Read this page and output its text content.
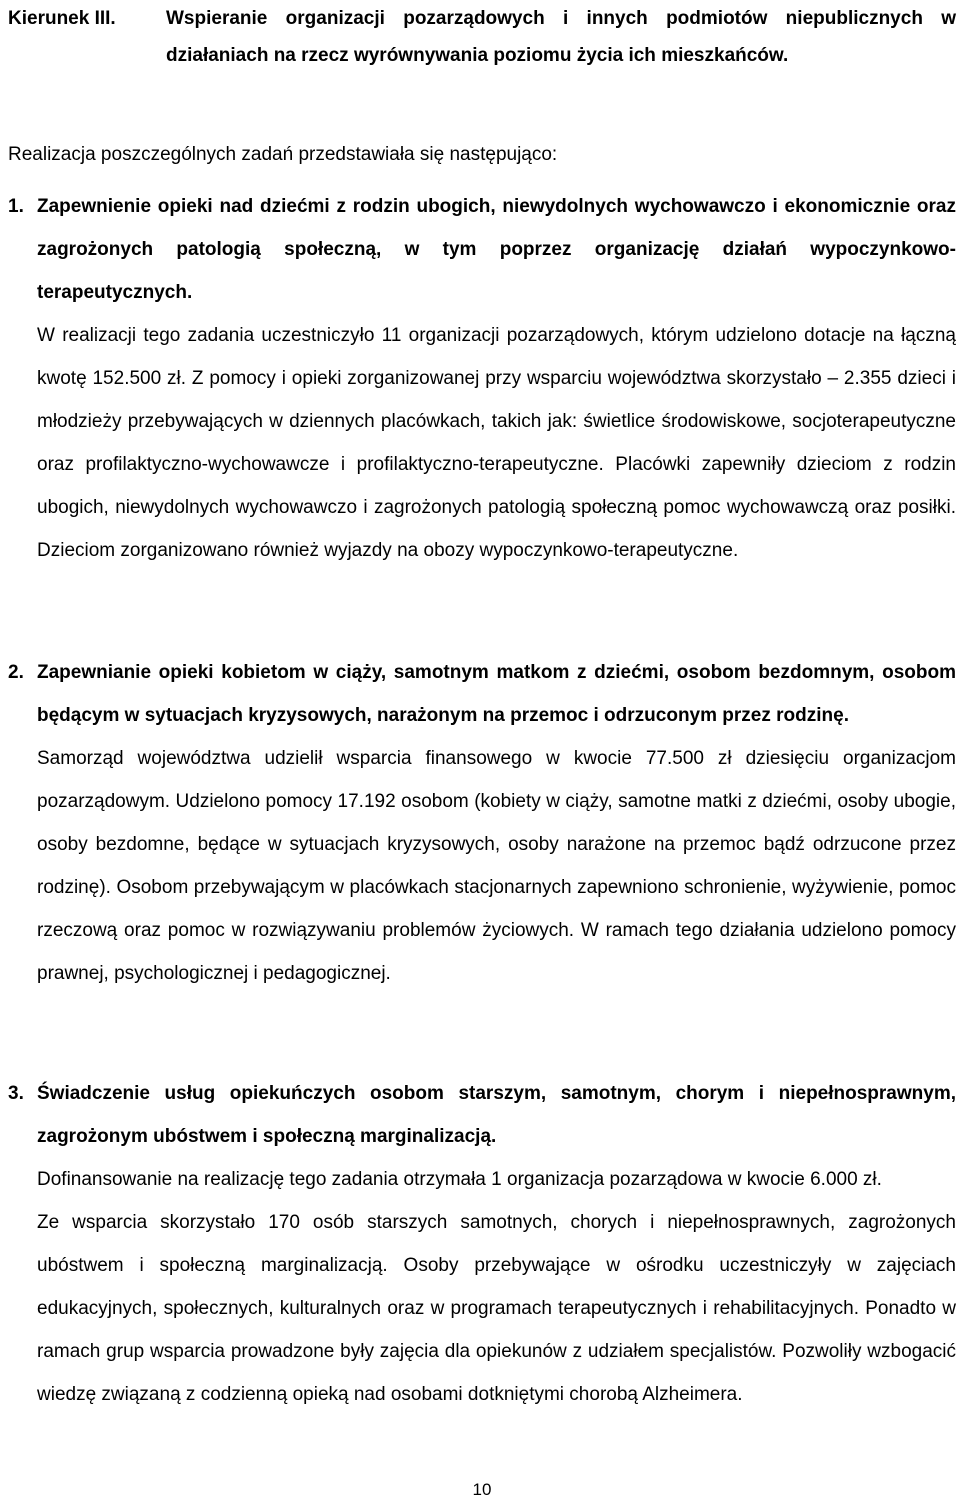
Kierunek III.	Wspieranie organizacji pozarządowych i innych podmiotów niepublicznych w działaniach na rzecz wyrównywania poziomu życia ich mieszkańców.
Realizacja poszczególnych zadań przedstawiała się następująco:
1. Zapewnienie opieki nad dziećmi z rodzin ubogich, niewydolnych wychowawczo i ekonomicznie oraz zagrożonych patologią społeczną, w tym poprzez organizację działań wypoczynkowo-terapeutycznych.

W realizacji tego zadania uczestniczyło 11 organizacji pozarządowych, którym udzielono dotacje na łączną kwotę 152.500 zł. Z pomocy i opieki zorganizowanej przy wsparciu województwa skorzystało – 2.355 dzieci i młodzieży przebywających w dziennych placówkach, takich jak: świetlice środowiskowe, socjoterapeutyczne oraz profilaktyczno-wychowawcze i profilaktyczno-terapeutyczne. Placówki zapewniły dzieciom z rodzin ubogich, niewydolnych wychowawczo i zagrożonych patologią społeczną pomoc wychowawczą oraz posiłki. Dzieciom zorganizowano również wyjazdy na obozy wypoczynkowo-terapeutyczne.

2. Zapewnianie opieki kobietom w ciąży, samotnym matkom z dziećmi, osobom bezdomnym, osobom będącym w sytuacjach kryzysowych, narażonym na przemoc i odrzuconym przez rodzinę.

Samorząd województwa udzielił wsparcia finansowego w kwocie 77.500 zł dziesięciu organizacjom pozarządowym. Udzielono pomocy 17.192 osobom (kobiety w ciąży, samotne matki z dziećmi, osoby ubogie, osoby bezdomne, będące w sytuacjach kryzysowych, osoby narażone na przemoc bądź odrzucone przez rodzinę). Osobom przebywającym w placówkach stacjonarnych zapewniono schronienie, wyżywienie, pomoc rzeczową oraz pomoc w rozwiązywaniu problemów życiowych. W ramach tego działania udzielono pomocy prawnej, psychologicznej i pedagogicznej.

3. Świadczenie usług opiekuńczych osobom starszym, samotnym, chorym i niepełnosprawnym, zagrożonym ubóstwem i społeczną marginalizacją.

Dofinansowanie na realizację tego zadania otrzymała 1 organizacja pozarządowa w kwocie 6.000 zł.

Ze wsparcia skorzystało 170 osób starszych samotnych, chorych i niepełnosprawnych, zagrożonych ubóstwem i społeczną marginalizacją. Osoby przebywające w ośrodku uczestniczyły w zajęciach edukacyjnych, społecznych, kulturalnych oraz w programach terapeutycznych i rehabilitacyjnych. Ponadto w ramach grup wsparcia prowadzone były zajęcia dla opiekunów z udziałem specjalistów. Pozwoliły wzbogacić wiedzę związaną z codzienną opieką nad osobami dotkniętymi chorobą Alzheimera.

10
